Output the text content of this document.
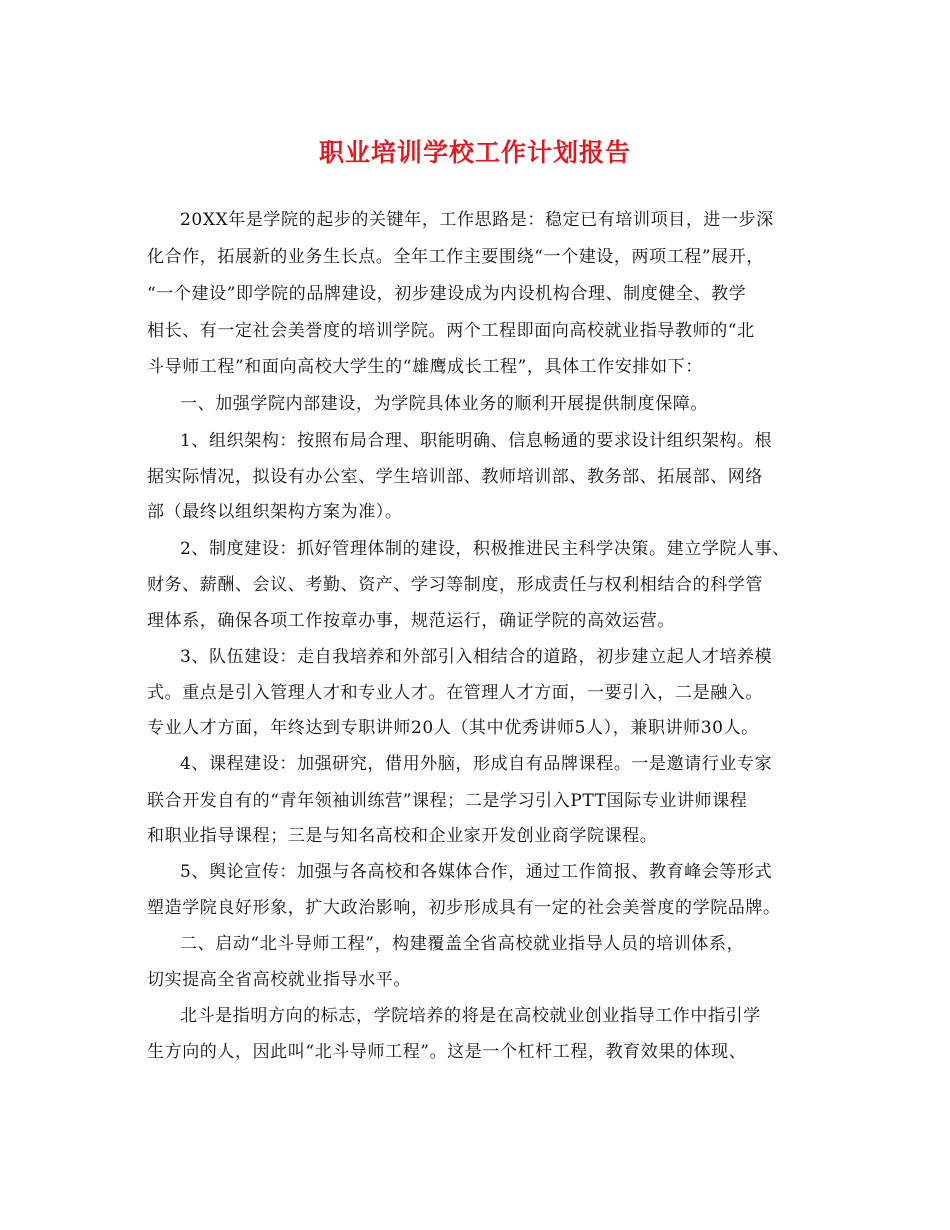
职业培训学校工作计划报告
20XX年是学院的起步的关键年，工作思路是：稳定已有培训项目，进一步深
化合作，拓展新的业务生长点。全年工作主要围绕“一个建设，两项工程”展开，
“一个建设”即学院的品牌建设，初步建设成为内设机构合理、制度健全、教学
相长、有一定社会美誉度的培训学院。两个工程即面向高校就业指导教师的“北
斗导师工程”和面向高校大学生的“雄鹰成长工程”，具体工作安排如下：
一、加强学院内部建设，为学院具体业务的顺利开展提供制度保障。
1、组织架构：按照布局合理、职能明确、信息畅通的要求设计组织架构。根
据实际情况，拟设有办公室、学生培训部、教师培训部、教务部、拓展部、网络
部（最终以组织架构方案为准）。
2、制度建设：抓好管理体制的建设，积极推进民主科学决策。建立学院人事、
财务、薪酬、会议、考勤、资产、学习等制度，形成责任与权利相结合的科学管
理体系，确保各项工作按章办事，规范运行，确证学院的高效运营。
3、队伍建设：走自我培养和外部引入相结合的道路，初步建立起人才培养模
式。重点是引入管理人才和专业人才。在管理人才方面，一要引入，二是融入。
专业人才方面，年终达到专职讲师20人（其中优秀讲师5人），兼职讲师30人。
4、课程建设：加强研究，借用外脑，形成自有品牌课程。一是邀请行业专家
联合开发自有的“青年领袖训练营”课程；二是学习引入PTT国际专业讲师课程
和职业指导课程；三是与知名高校和企业家开发创业商学院课程。
5、舆论宣传：加强与各高校和各媒体合作，通过工作简报、教育峰会等形式
塑造学院良好形象，扩大政治影响，初步形成具有一定的社会美誉度的学院品牌。
二、启动“北斗导师工程”，构建覆盖全省高校就业指导人员的培训体系，
切实提高全省高校就业指导水平。
北斗是指明方向的标志，学院培养的将是在高校就业创业指导工作中指引学
生方向的人，因此叫“北斗导师工程”。这是一个杠杆工程，教育效果的体现、
